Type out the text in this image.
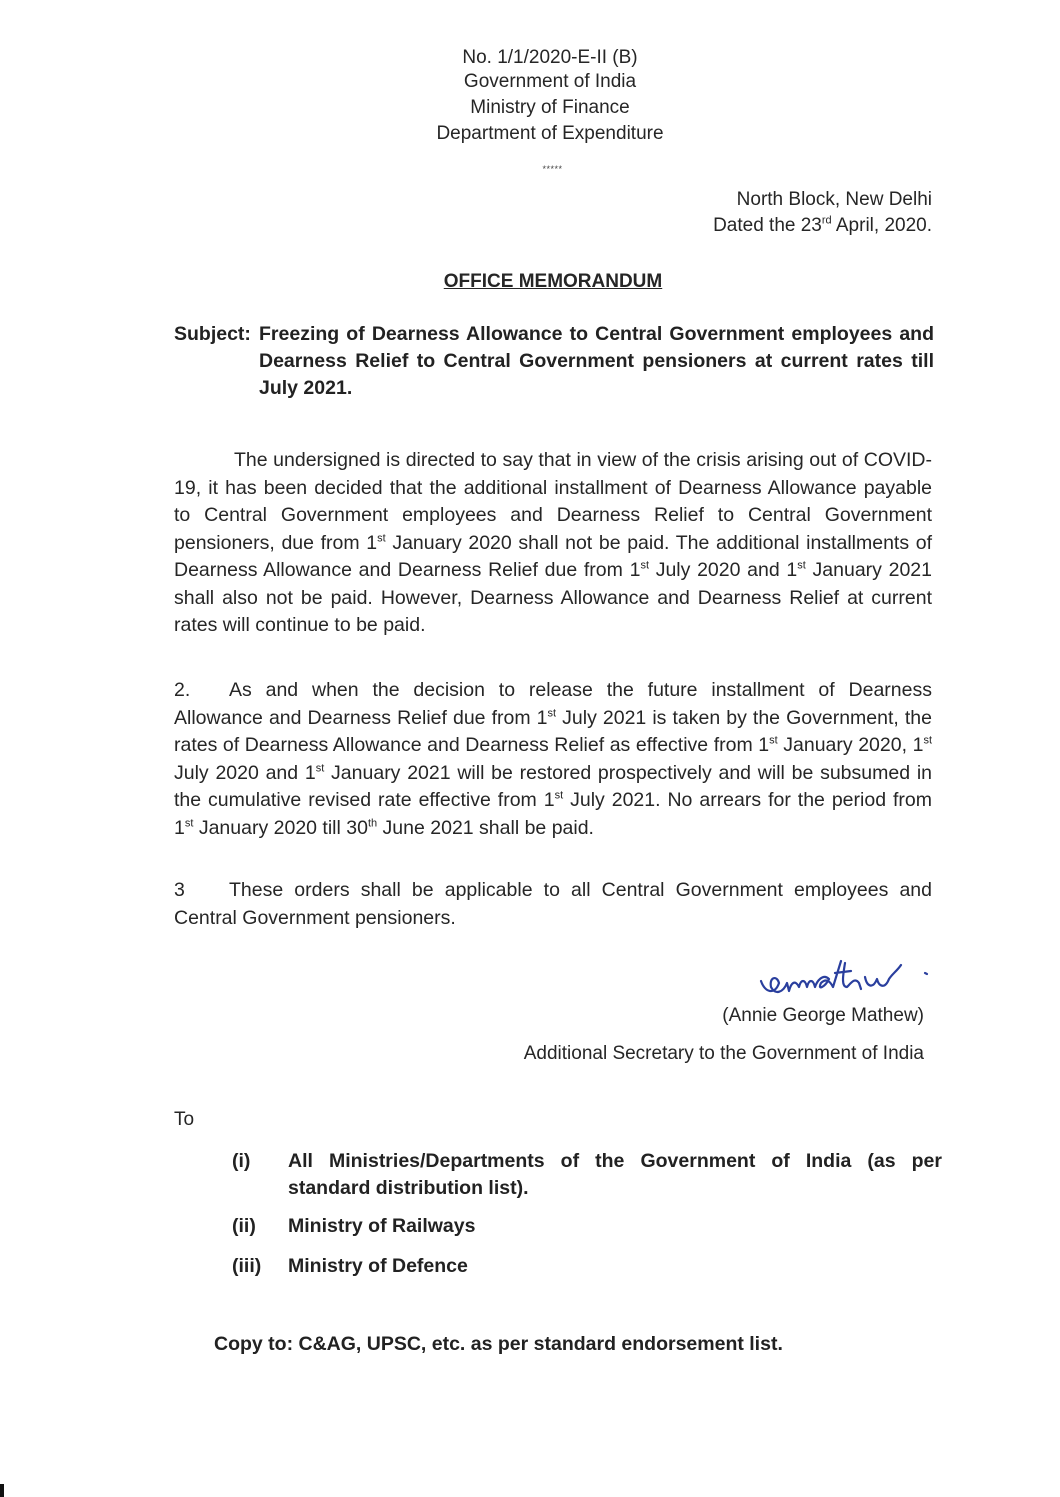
No. 1/1/2020-E-II (B)
Government of India
Ministry of Finance
Department of Expenditure
*****
North Block, New Delhi
Dated the 23rd April, 2020.
OFFICE MEMORANDUM
Subject: Freezing of Dearness Allowance to Central Government employees and Dearness Relief to Central Government pensioners at current rates till July 2021.
The undersigned is directed to say that in view of the crisis arising out of COVID-19, it has been decided that the additional installment of Dearness Allowance payable to Central Government employees and Dearness Relief to Central Government pensioners, due from 1st January 2020 shall not be paid. The additional installments of Dearness Allowance and Dearness Relief due from 1st July 2020 and 1st January 2021 shall also not be paid. However, Dearness Allowance and Dearness Relief at current rates will continue to be paid.
2. As and when the decision to release the future installment of Dearness Allowance and Dearness Relief due from 1st July 2021 is taken by the Government, the rates of Dearness Allowance and Dearness Relief as effective from 1st January 2020, 1st July 2020 and 1st January 2021 will be restored prospectively and will be subsumed in the cumulative revised rate effective from 1st July 2021. No arrears for the period from 1st January 2020 till 30th June 2021 shall be paid.
3 These orders shall be applicable to all Central Government employees and Central Government pensioners.
(Annie George Mathew)
Additional Secretary to the Government of India
To
(i) All Ministries/Departments of the Government of India (as per standard distribution list).
(ii) Ministry of Railways
(iii) Ministry of Defence
Copy to: C&AG, UPSC, etc. as per standard endorsement list.
